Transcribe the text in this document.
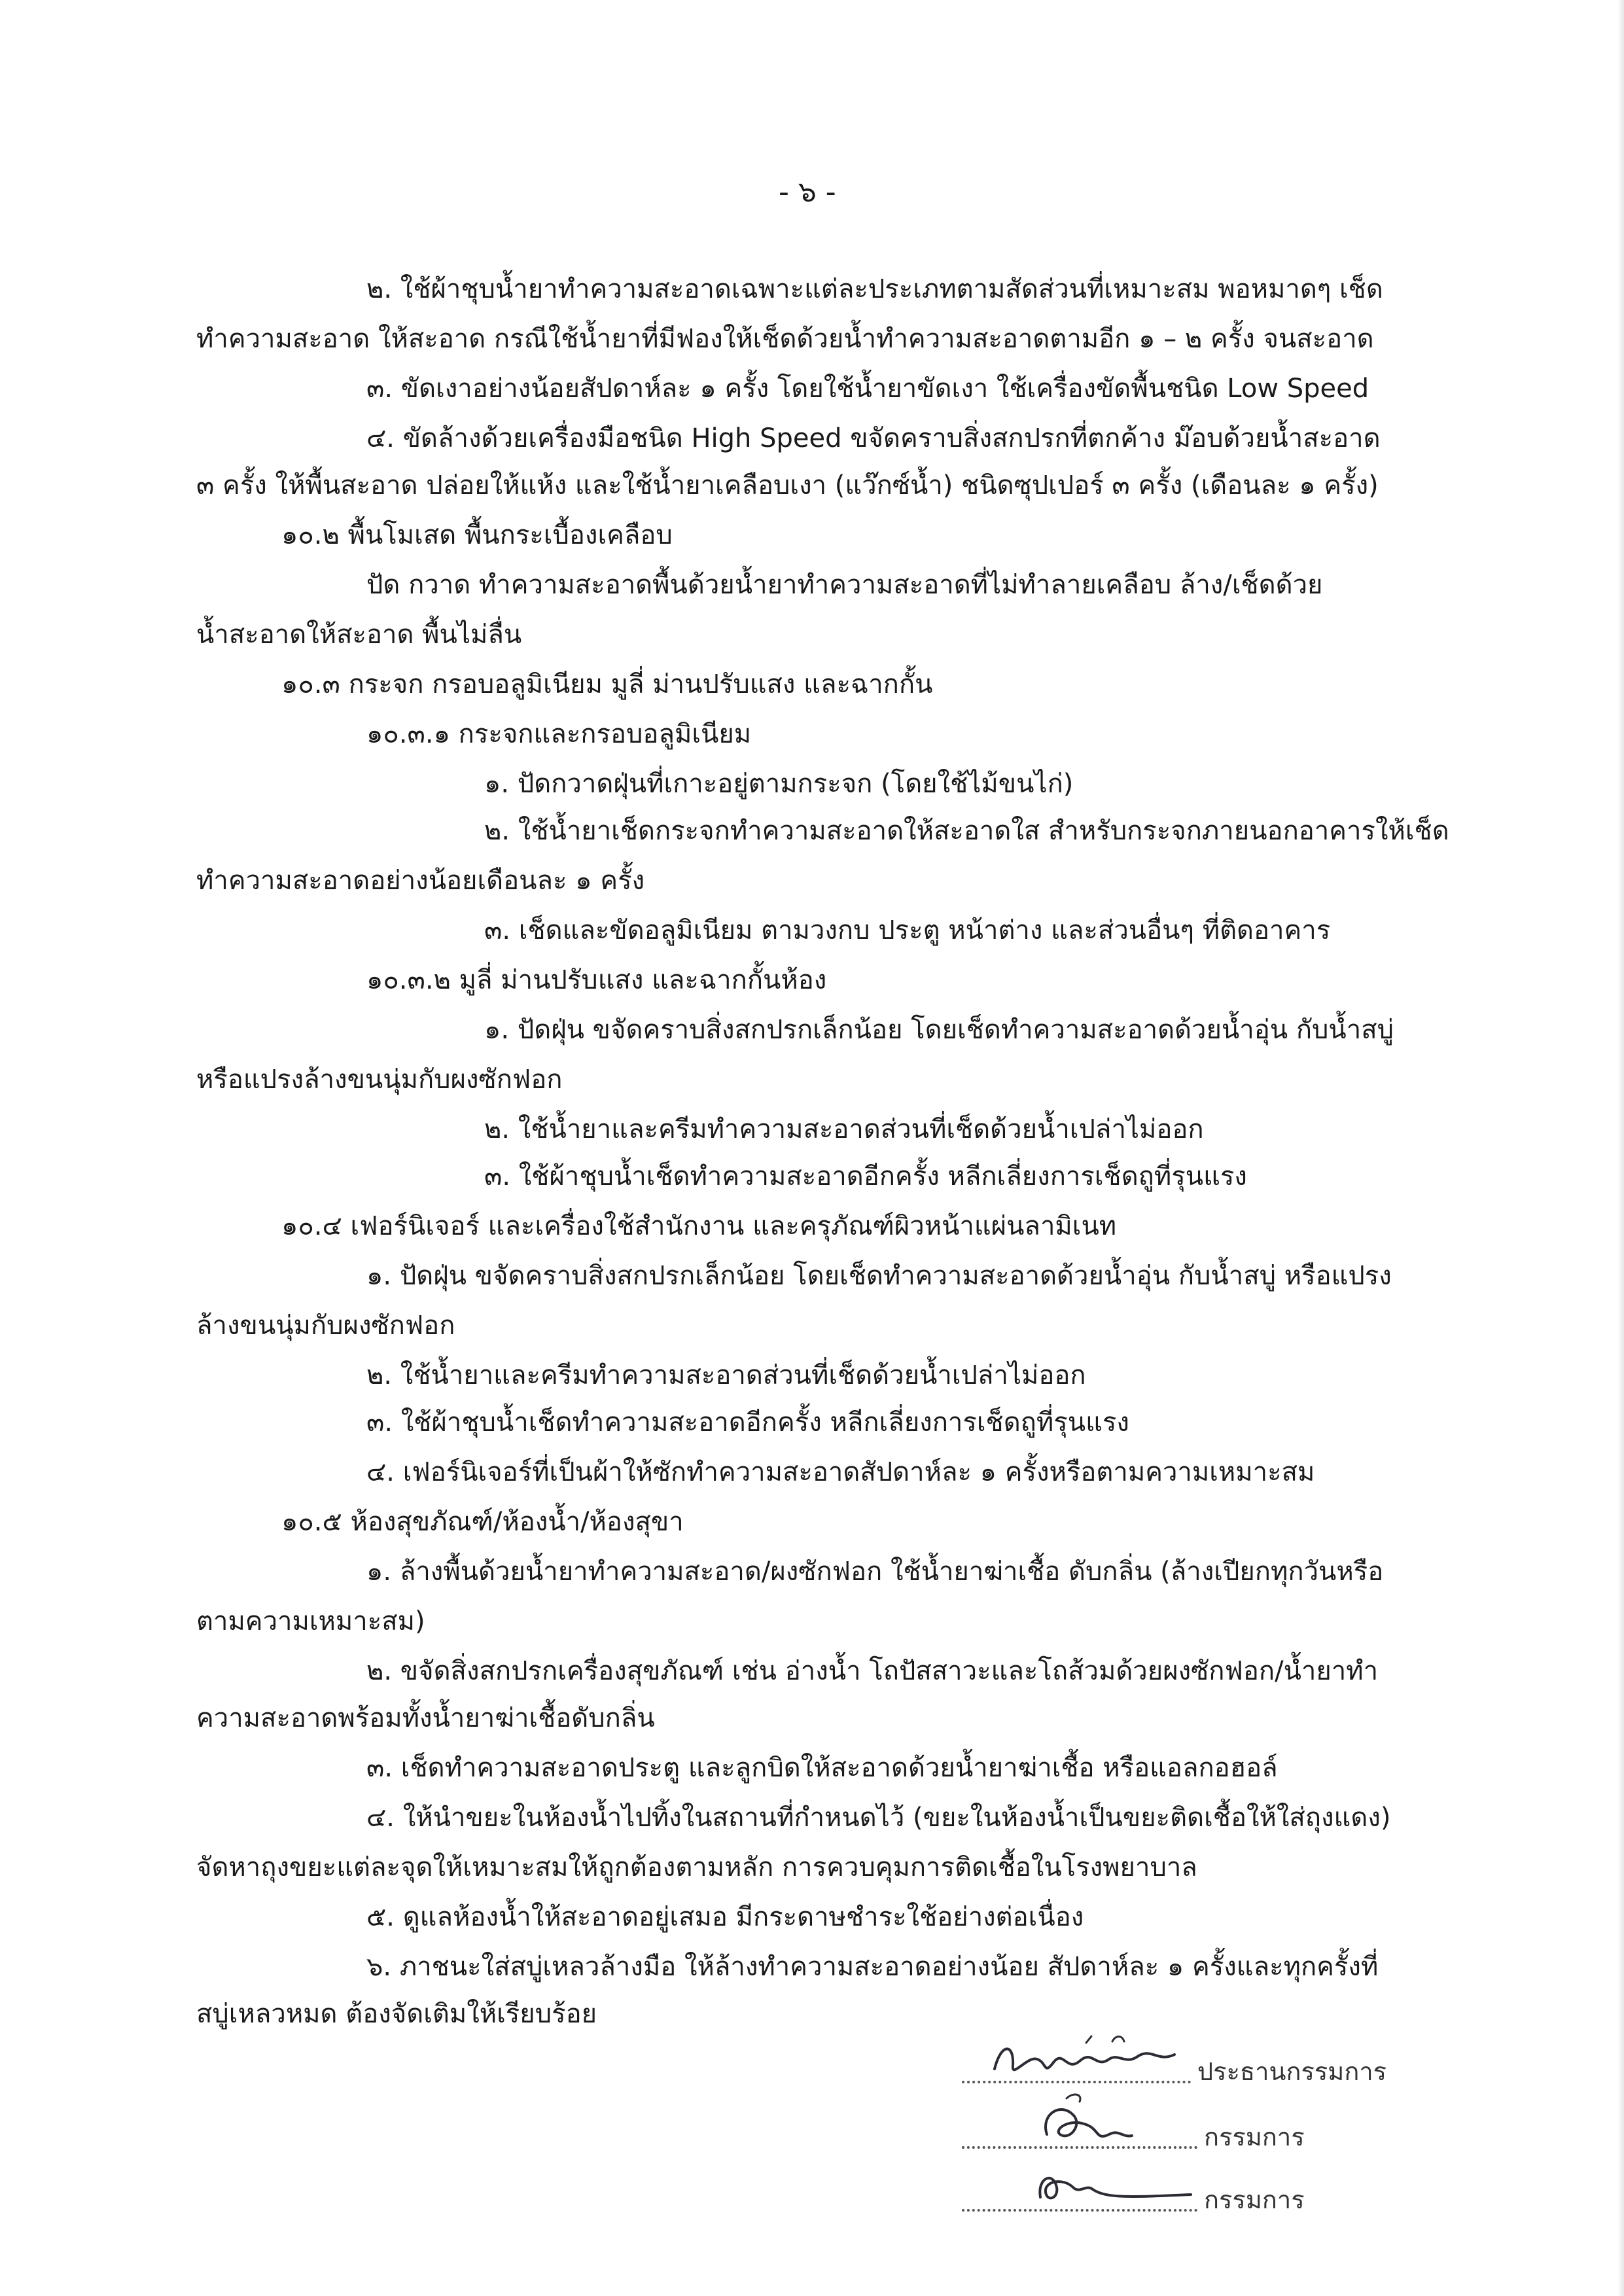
- ๖ -
๒. ใช้ผ้าชุบน้ำยาทำความสะอาดเฉพาะแต่ละประเภทตามสัดส่วนที่เหมาะสม พอหมาดๆ เช็ด
ทำความสะอาด ให้สะอาด กรณีใช้น้ำยาที่มีฟองให้เช็ดด้วยน้ำทำความสะอาดตามอีก ๑ – ๒ ครั้ง จนสะอาด
๓. ขัดเงาอย่างน้อยสัปดาห์ละ ๑ ครั้ง โดยใช้น้ำยาขัดเงา ใช้เครื่องขัดพื้นชนิด Low Speed
๔. ขัดล้างด้วยเครื่องมือชนิด High Speed ขจัดคราบสิ่งสกปรกที่ตกค้าง ม๊อบด้วยน้ำสะอาด
๓ ครั้ง ให้พื้นสะอาด ปล่อยให้แห้ง และใช้น้ำยาเคลือบเงา (แว๊กซ์น้ำ) ชนิดซุปเปอร์ ๓ ครั้ง (เดือนละ ๑ ครั้ง)
๑๐.๒ พื้นโมเสด พื้นกระเบื้องเคลือบ
ปัด กวาด ทำความสะอาดพื้นด้วยน้ำยาทำความสะอาดที่ไม่ทำลายเคลือบ ล้าง/เช็ดด้วย
น้ำสะอาดให้สะอาด พื้นไม่ลื่น
๑๐.๓ กระจก กรอบอลูมิเนียม มูลี่ ม่านปรับแสง และฉากกั้น
๑๐.๓.๑ กระจกและกรอบอลูมิเนียม
๑. ปัดกวาดฝุ่นที่เกาะอยู่ตามกระจก (โดยใช้ไม้ขนไก่)
๒. ใช้น้ำยาเช็ดกระจกทำความสะอาดให้สะอาดใส สำหรับกระจกภายนอกอาคารให้เช็ด
ทำความสะอาดอย่างน้อยเดือนละ ๑ ครั้ง
๓. เช็ดและขัดอลูมิเนียม ตามวงกบ ประตู หน้าต่าง และส่วนอื่นๆ ที่ติดอาคาร
๑๐.๓.๒ มูลี่ ม่านปรับแสง และฉากกั้นห้อง
๑. ปัดฝุ่น ขจัดคราบสิ่งสกปรกเล็กน้อย โดยเช็ดทำความสะอาดด้วยน้ำอุ่น กับน้ำสบู่
หรือแปรงล้างขนนุ่มกับผงซักฟอก
๒. ใช้น้ำยาและครีมทำความสะอาดส่วนที่เช็ดด้วยน้ำเปล่าไม่ออก
๓. ใช้ผ้าชุบน้ำเช็ดทำความสะอาดอีกครั้ง หลีกเลี่ยงการเช็ดถูที่รุนแรง
๑๐.๔ เฟอร์นิเจอร์ และเครื่องใช้สำนักงาน และครุภัณฑ์ผิวหน้าแผ่นลามิเนท
๑. ปัดฝุ่น ขจัดคราบสิ่งสกปรกเล็กน้อย โดยเช็ดทำความสะอาดด้วยน้ำอุ่น กับน้ำสบู่ หรือแปรง
ล้างขนนุ่มกับผงซักฟอก
๒. ใช้น้ำยาและครีมทำความสะอาดส่วนที่เช็ดด้วยน้ำเปล่าไม่ออก
๓. ใช้ผ้าชุบน้ำเช็ดทำความสะอาดอีกครั้ง หลีกเลี่ยงการเช็ดถูที่รุนแรง
๔. เฟอร์นิเจอร์ที่เป็นผ้าให้ซักทำความสะอาดสัปดาห์ละ ๑ ครั้งหรือตามความเหมาะสม
๑๐.๕ ห้องสุขภัณฑ์/ห้องน้ำ/ห้องสุขา
๑. ล้างพื้นด้วยน้ำยาทำความสะอาด/ผงซักฟอก ใช้น้ำยาฆ่าเชื้อ ดับกลิ่น (ล้างเปียกทุกวันหรือ
ตามความเหมาะสม)
๒. ขจัดสิ่งสกปรกเครื่องสุขภัณฑ์ เช่น อ่างน้ำ โถปัสสาวะและโถส้วมด้วยผงซักฟอก/น้ำยาทำ
ความสะอาดพร้อมทั้งน้ำยาฆ่าเชื้อดับกลิ่น
๓. เช็ดทำความสะอาดประตู และลูกบิดให้สะอาดด้วยน้ำยาฆ่าเชื้อ หรือแอลกอฮอล์
๔. ให้นำขยะในห้องน้ำไปทิ้งในสถานที่กำหนดไว้ (ขยะในห้องน้ำเป็นขยะติดเชื้อให้ใส่ถุงแดง)
จัดหาถุงขยะแต่ละจุดให้เหมาะสมให้ถูกต้องตามหลัก การควบคุมการติดเชื้อในโรงพยาบาล
๕. ดูแลห้องน้ำให้สะอาดอยู่เสมอ มีกระดาษชำระใช้อย่างต่อเนื่อง
๖. ภาชนะใส่สบู่เหลวล้างมือ ให้ล้างทำความสะอาดอย่างน้อย สัปดาห์ละ ๑ ครั้งและทุกครั้งที่
สบู่เหลวหมด ต้องจัดเติมให้เรียบร้อย
ประธานกรรมการ
กรรมการ
กรรมการ
